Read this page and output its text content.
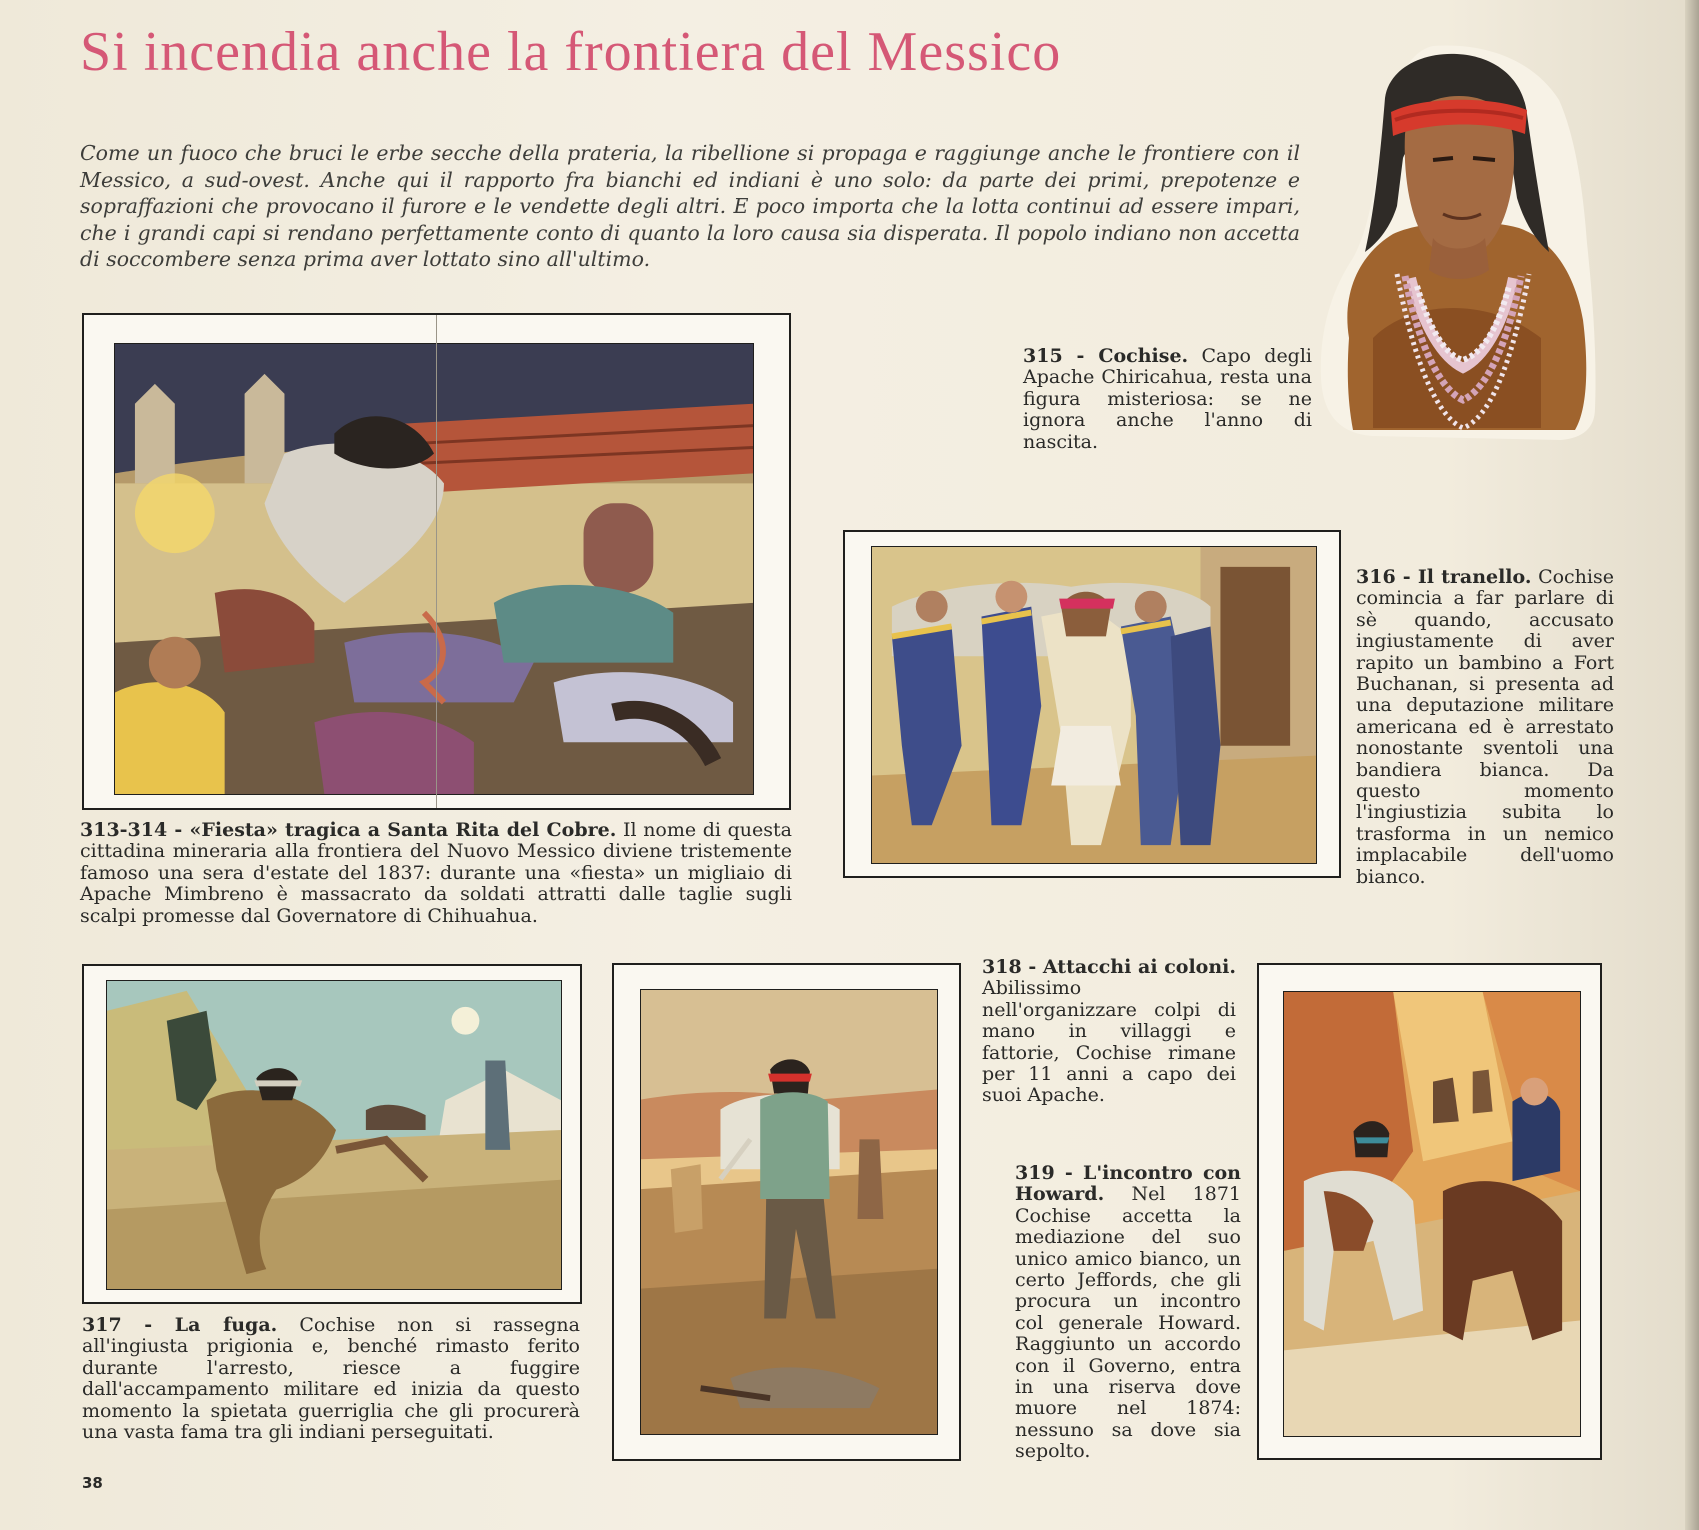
Si incendia anche la frontiera del Messico

Come un fuoco che bruci le erbe secche della prateria, la ribellione si propaga e raggiunge anche le frontiere con il Messico, a sud-ovest. Anche qui il rapporto fra bianchi ed indiani è uno solo: da parte dei primi, prepotenze e sopraffazioni che provocano il furore e le vendette degli altri. E poco importa che la lotta continui ad essere impari, che i grandi capi si rendano perfettamente conto di quanto la loro causa sia disperata. Il popolo indiano non accetta di soccombere senza prima aver lottato sino all'ultimo.

313-314 - «Fiesta» tragica a Santa Rita del Cobre. Il nome di questa cittadina mineraria alla frontiera del Nuovo Messico diviene tristemente famoso una sera d'estate del 1837: durante una «fiesta» un migliaio di Apache Mimbreno è massacrato da soldati attratti dalle taglie sugli scalpi promesse dal Governatore di Chihuahua.

315 - Cochise. Capo degli Apache Chiricahua, resta una figura misteriosa: se ne ignora anche l'anno di nascita.

316 - Il tranello. Cochise comincia a far parlare di sè quando, accusato ingiustamente di aver rapito un bambino a Fort Buchanan, si presenta ad una deputazione militare americana ed è arrestato nonostante sventoli una bandiera bianca. Da questo momento l'ingiustizia subita lo trasforma in un nemico implacabile dell'uomo bianco.

317 - La fuga. Cochise non si rassegna all'ingiusta prigionia e, benché rimasto ferito durante l'arresto, riesce a fuggire dall'accampamento militare ed inizia da questo momento la spietata guerriglia che gli procurerà una vasta fama tra gli indiani perseguitati.

318 - Attacchi ai coloni. Abilissimo nell'organizzare colpi di mano in villaggi e fattorie, Cochise rimane per 11 anni a capo dei suoi Apache.

319 - L'incontro con Howard. Nel 1871 Cochise accetta la mediazione del suo unico amico bianco, un certo Jeffords, che gli procura un incontro col generale Howard. Raggiunto un accordo con il Governo, entra in una riserva dove muore nel 1874: nessuno sa dove sia sepolto.

38
